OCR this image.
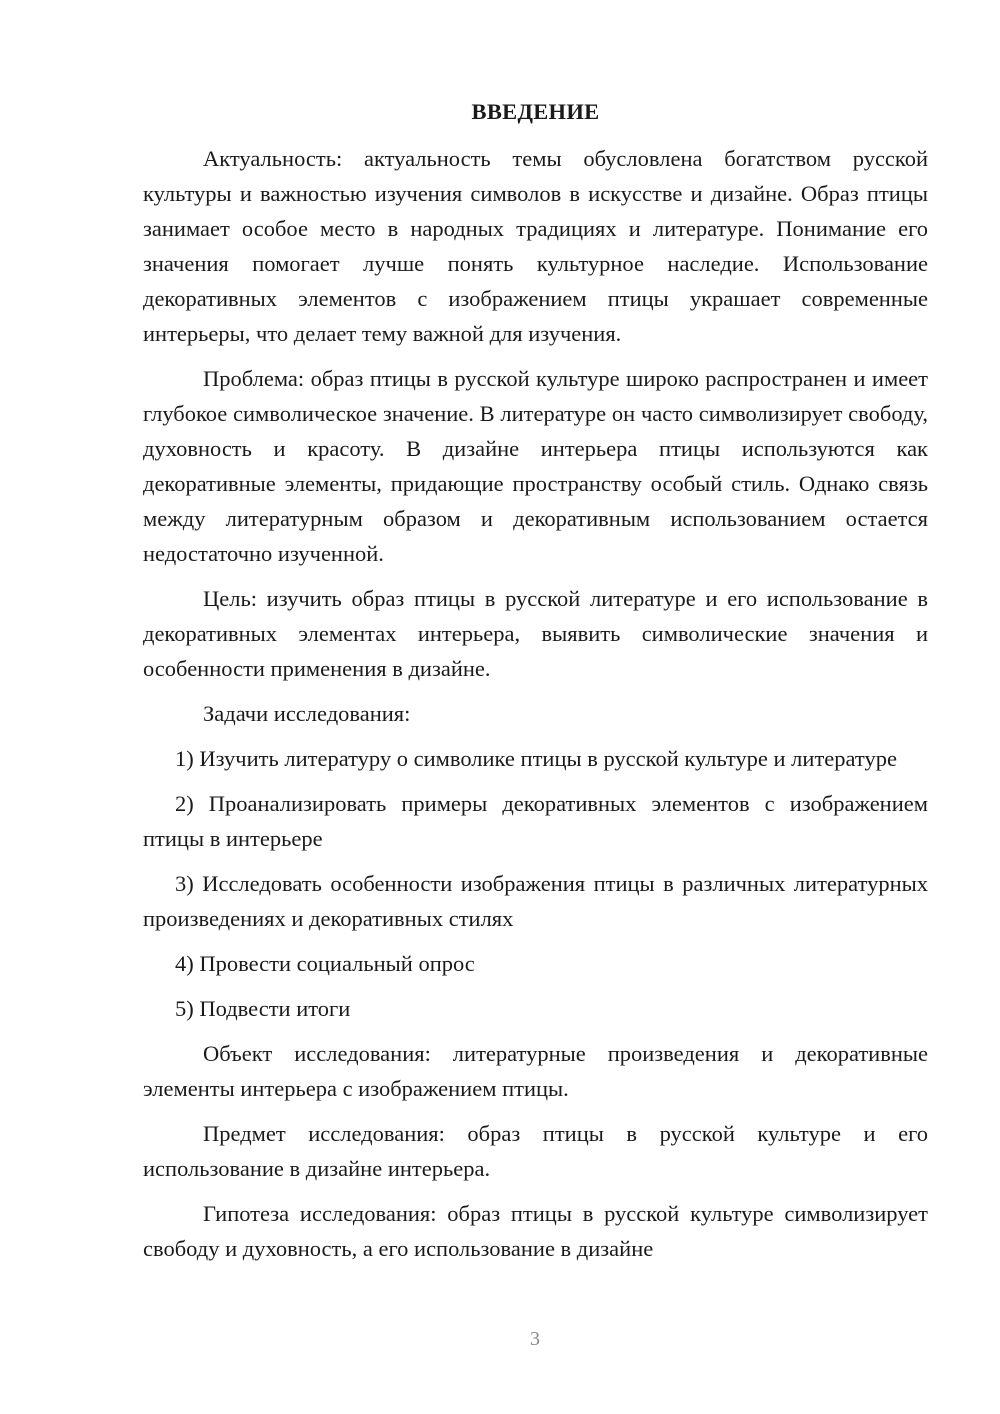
ВВЕДЕНИЕ

Актуальность: актуальность темы обусловлена богатством русской культуры и важностью изучения символов в искусстве и дизайне. Образ птицы занимает особое место в народных традициях и литературе. Понимание его значения помогает лучше понять культурное наследие. Использование декоративных элементов с изображением птицы украшает современные интерьеры, что делает тему важной для изучения.

Проблема: образ птицы в русской культуре широко распространен и имеет глубокое символическое значение. В литературе он часто символизирует свободу, духовность и красоту. В дизайне интерьера птицы используются как декоративные элементы, придающие пространству особый стиль. Однако связь между литературным образом и декоративным использованием остается недостаточно изученной.

Цель: изучить образ птицы в русской литературе и его использование в декоративных элементах интерьера, выявить символические значения и особенности применения в дизайне.

Задачи исследования:

1) Изучить литературу о символике птицы в русской культуре и литературе

2) Проанализировать примеры декоративных элементов с изображением птицы в интерьере

3) Исследовать особенности изображения птицы в различных литературных произведениях и декоративных стилях

4) Провести социальный опрос

5) Подвести итоги

Объект исследования: литературные произведения и декоративные элементы интерьера с изображением птицы.

Предмет исследования: образ птицы в русской культуре и его использование в дизайне интерьера.

Гипотеза исследования: образ птицы в русской культуре символизирует свободу и духовность, а его использование в дизайне

3
